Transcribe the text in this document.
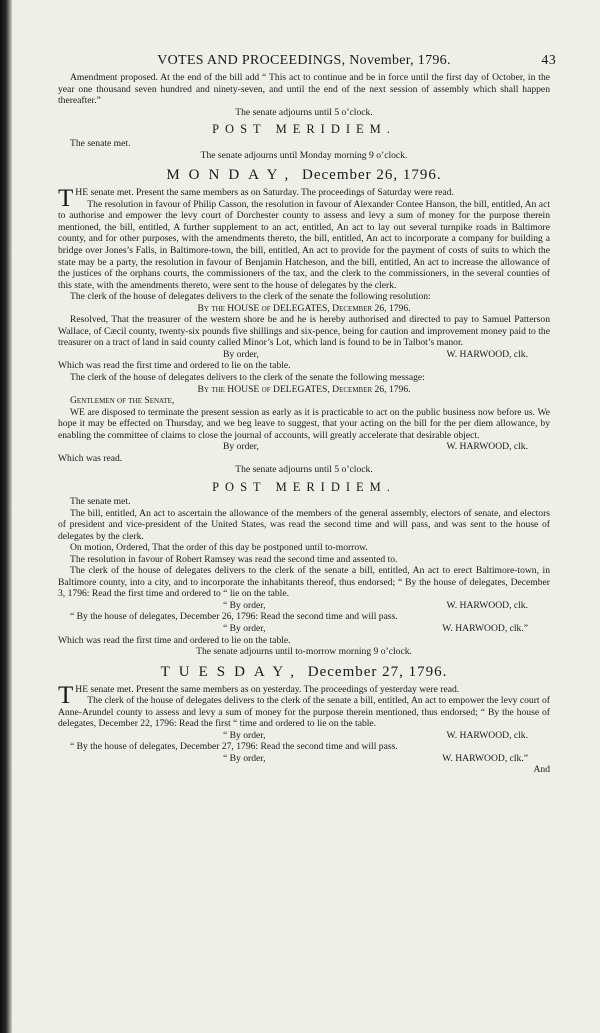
VOTES AND PROCEEDINGS, November, 1796.	43

Amendment proposed. At the end of the bill add “ This act to continue and be in force until the first day of October, in the year one thousand seven hundred and ninety-seven, and until the end of the next session of assembly which shall happen thereafter.”

The senate adjourns until 5 o’clock.

POST MERIDIEM.

The senate met.

The senate adjourns until Monday morning 9 o’clock.

MONDAY, December 26, 1796.

THE senate met. Present the same members as on Saturday. The proceedings of Saturday were read.

The resolution in favour of Philip Casson, the resolution in favour of Alexander Contee Hanson, the bill, entitled, An act to authorise and empower the levy court of Dorchester county to assess and levy a sum of money for the purpose therein mentioned, the bill, entitled, A further supplement to an act, entitled, An act to lay out several turnpike roads in Baltimore county, and for other purposes, with the amendments thereto, the bill, entitled, An act to incorporate a company for building a bridge over Jones’s Falls, in Baltimore-town, the bill, entitled, An act to provide for the payment of costs of suits to which the state may be a party, the resolution in favour of Benjamin Hatcheson, and the bill, entitled, An act to increase the allowance of the justices of the orphans courts, the commissioners of the tax, and the clerk to the commissioners, in the several counties of this state, with the amendments thereto, were sent to the house of delegates by the clerk.

The clerk of the house of delegates delivers to the clerk of the senate the following resolution:

By the HOUSE of DELEGATES, December 26, 1796.

Resolved, That the treasurer of the western shore be and he is hereby authorised and directed to pay to Samuel Patterson Wallace, of Cæcil county, twenty-six pounds five shillings and six-pence, being for caution and improvement money paid to the treasurer on a tract of land in said county called Minor’s Lot, which land is found to be in Talbot’s manor.

By order,	W. HARWOOD, clk.

Which was read the first time and ordered to lie on the table.

The clerk of the house of delegates delivers to the clerk of the senate the following message:

By the HOUSE of DELEGATES, December 26, 1796.

Gentlemen of the Senate,

WE are disposed to terminate the present session as early as it is practicable to act on the public business now before us. We hope it may be effected on Thursday, and we beg leave to suggest, that your acting on the bill for the per diem allowance, by enabling the committee of claims to close the journal of accounts, will greatly accelerate that desirable object.

By order,	W. HARWOOD, clk.

Which was read.

The senate adjourns until 5 o’clock.

POST MERIDIEM.

The senate met.

The bill, entitled, An act to ascertain the allowance of the members of the general assembly, electors of senate, and electors of president and vice-president of the United States, was read the second time and will pass, and was sent to the house of delegates by the clerk.

On motion, Ordered, That the order of this day be postponed until to-morrow.

The resolution in favour of Robert Ramsey was read the second time and assented to.

The clerk of the house of delegates delivers to the clerk of the senate a bill, entitled, An act to erect Baltimore-town, in Baltimore county, into a city, and to incorporate the inhabitants thereof, thus endorsed; “ By the house of delegates, December 3, 1796: Read the first time and ordered to “ lie on the table.

“ By order,	W. HARWOOD, clk.

“ By the house of delegates, December 26, 1796: Read the second time and will pass.

“ By order,	W. HARWOOD, clk.”

Which was read the first time and ordered to lie on the table.

The senate adjourns until to-morrow morning 9 o’clock.

TUESDAY, December 27, 1796.

THE senate met. Present the same members as on yesterday. The proceedings of yesterday were read.

The clerk of the house of delegates delivers to the clerk of the senate a bill, entitled, An act to empower the levy court of Anne-Arundel county to assess and levy a sum of money for the purpose therein mentioned, thus endorsed; “ By the house of delegates, December 22, 1796: Read the first “ time and ordered to lie on the table.

“ By order,	W. HARWOOD, clk.

“ By the house of delegates, December 27, 1796: Read the second time and will pass.

“ By order,	W. HARWOOD, clk.”

And
